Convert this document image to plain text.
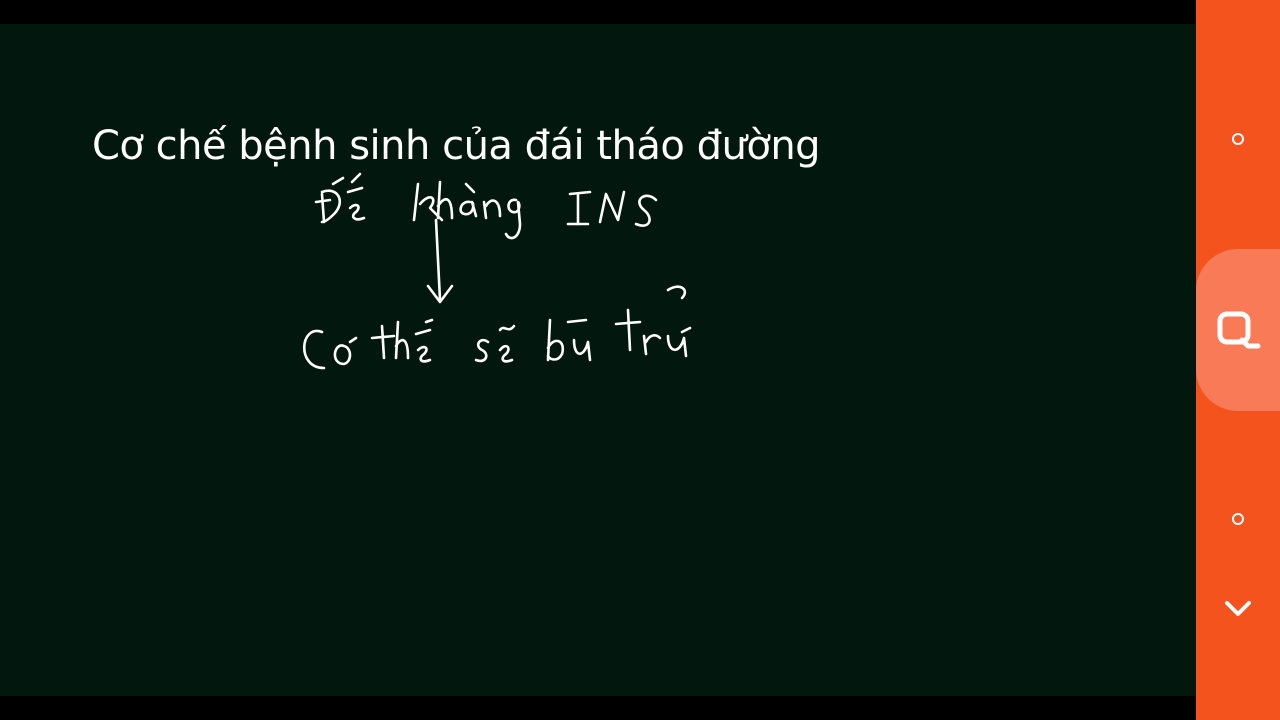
Cơ chế bệnh sinh của đái tháo đường
